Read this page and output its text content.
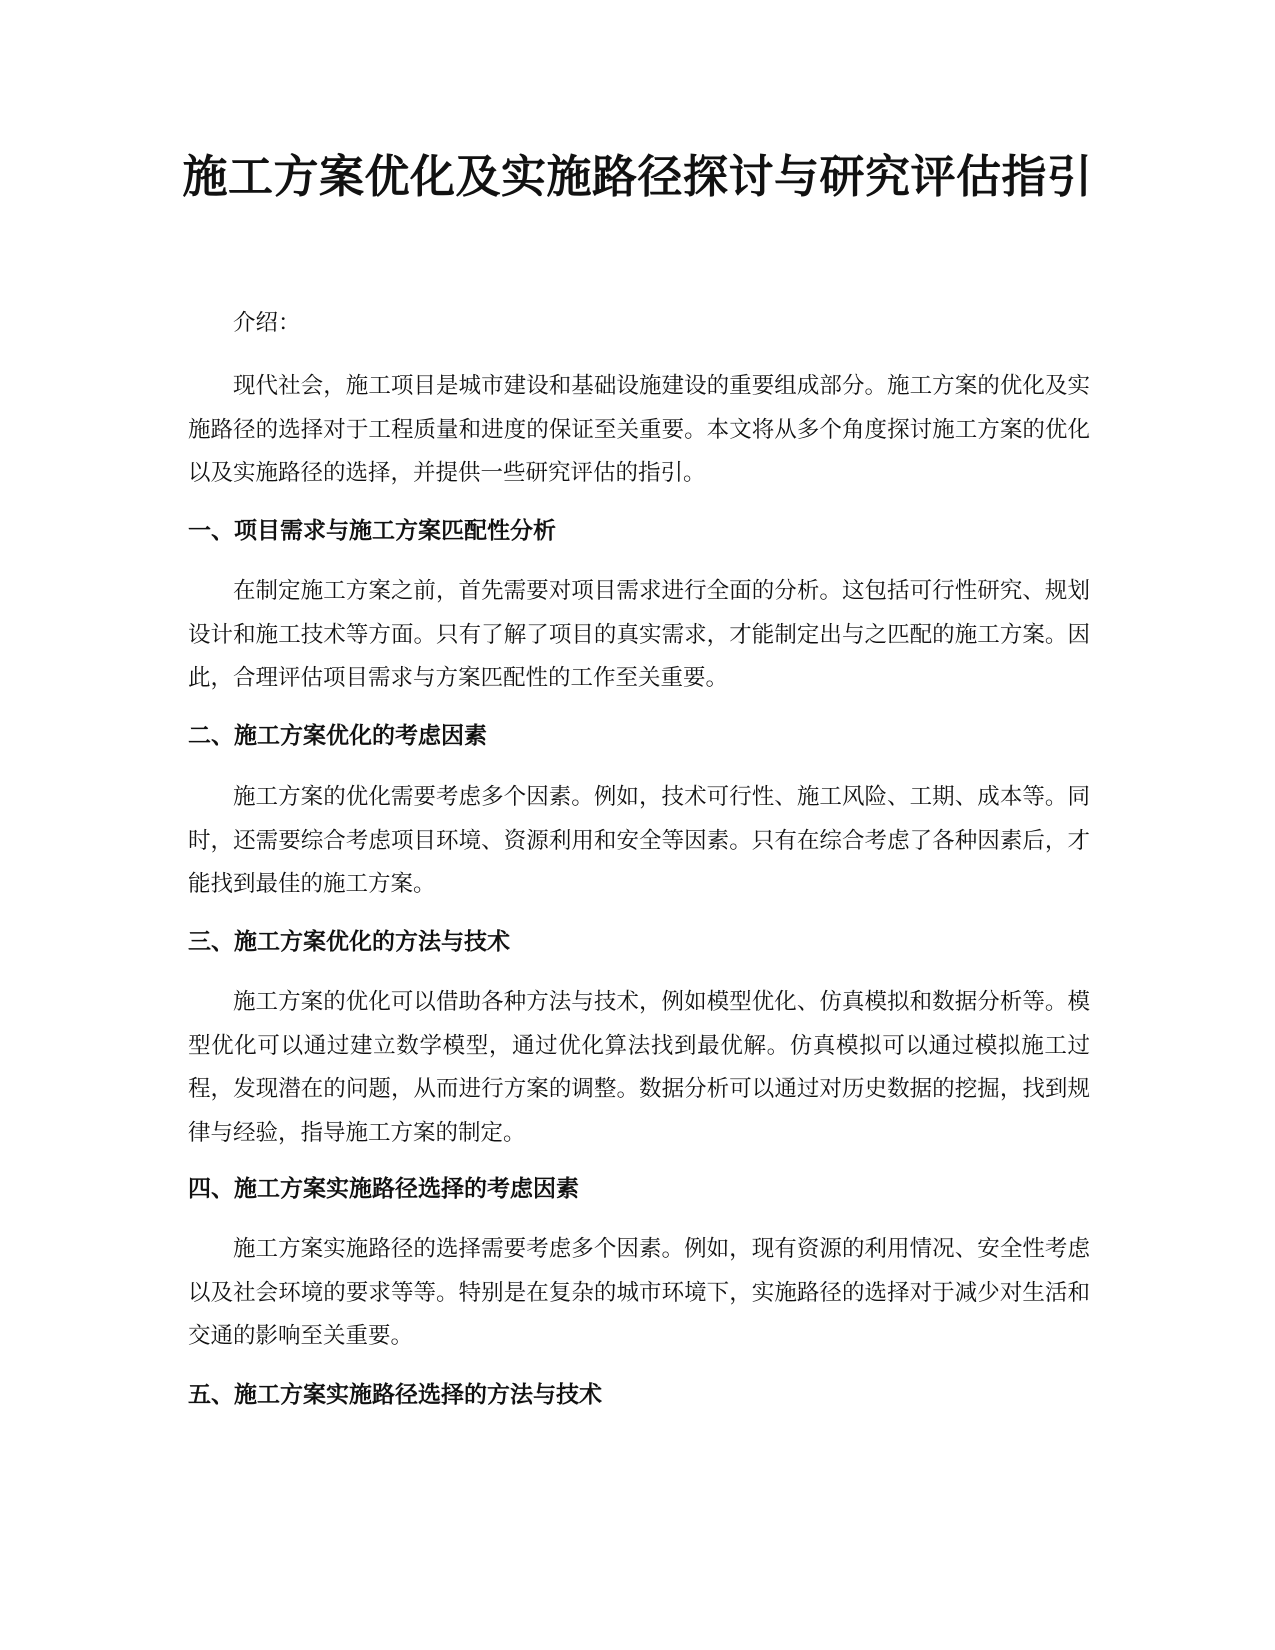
施工方案优化及实施路径探讨与研究评估指引

介绍：

现代社会，施工项目是城市建设和基础设施建设的重要组成部分。施工方案的优化及实施路径的选择对于工程质量和进度的保证至关重要。本文将从多个角度探讨施工方案的优化以及实施路径的选择，并提供一些研究评估的指引。

一、项目需求与施工方案匹配性分析

在制定施工方案之前，首先需要对项目需求进行全面的分析。这包括可行性研究、规划设计和施工技术等方面。只有了解了项目的真实需求，才能制定出与之匹配的施工方案。因此，合理评估项目需求与方案匹配性的工作至关重要。

二、施工方案优化的考虑因素

施工方案的优化需要考虑多个因素。例如，技术可行性、施工风险、工期、成本等。同时，还需要综合考虑项目环境、资源利用和安全等因素。只有在综合考虑了各种因素后，才能找到最佳的施工方案。

三、施工方案优化的方法与技术

施工方案的优化可以借助各种方法与技术，例如模型优化、仿真模拟和数据分析等。模型优化可以通过建立数学模型，通过优化算法找到最优解。仿真模拟可以通过模拟施工过程，发现潜在的问题，从而进行方案的调整。数据分析可以通过对历史数据的挖掘，找到规律与经验，指导施工方案的制定。

四、施工方案实施路径选择的考虑因素

施工方案实施路径的选择需要考虑多个因素。例如，现有资源的利用情况、安全性考虑以及社会环境的要求等等。特别是在复杂的城市环境下，实施路径的选择对于减少对生活和交通的影响至关重要。

五、施工方案实施路径选择的方法与技术
